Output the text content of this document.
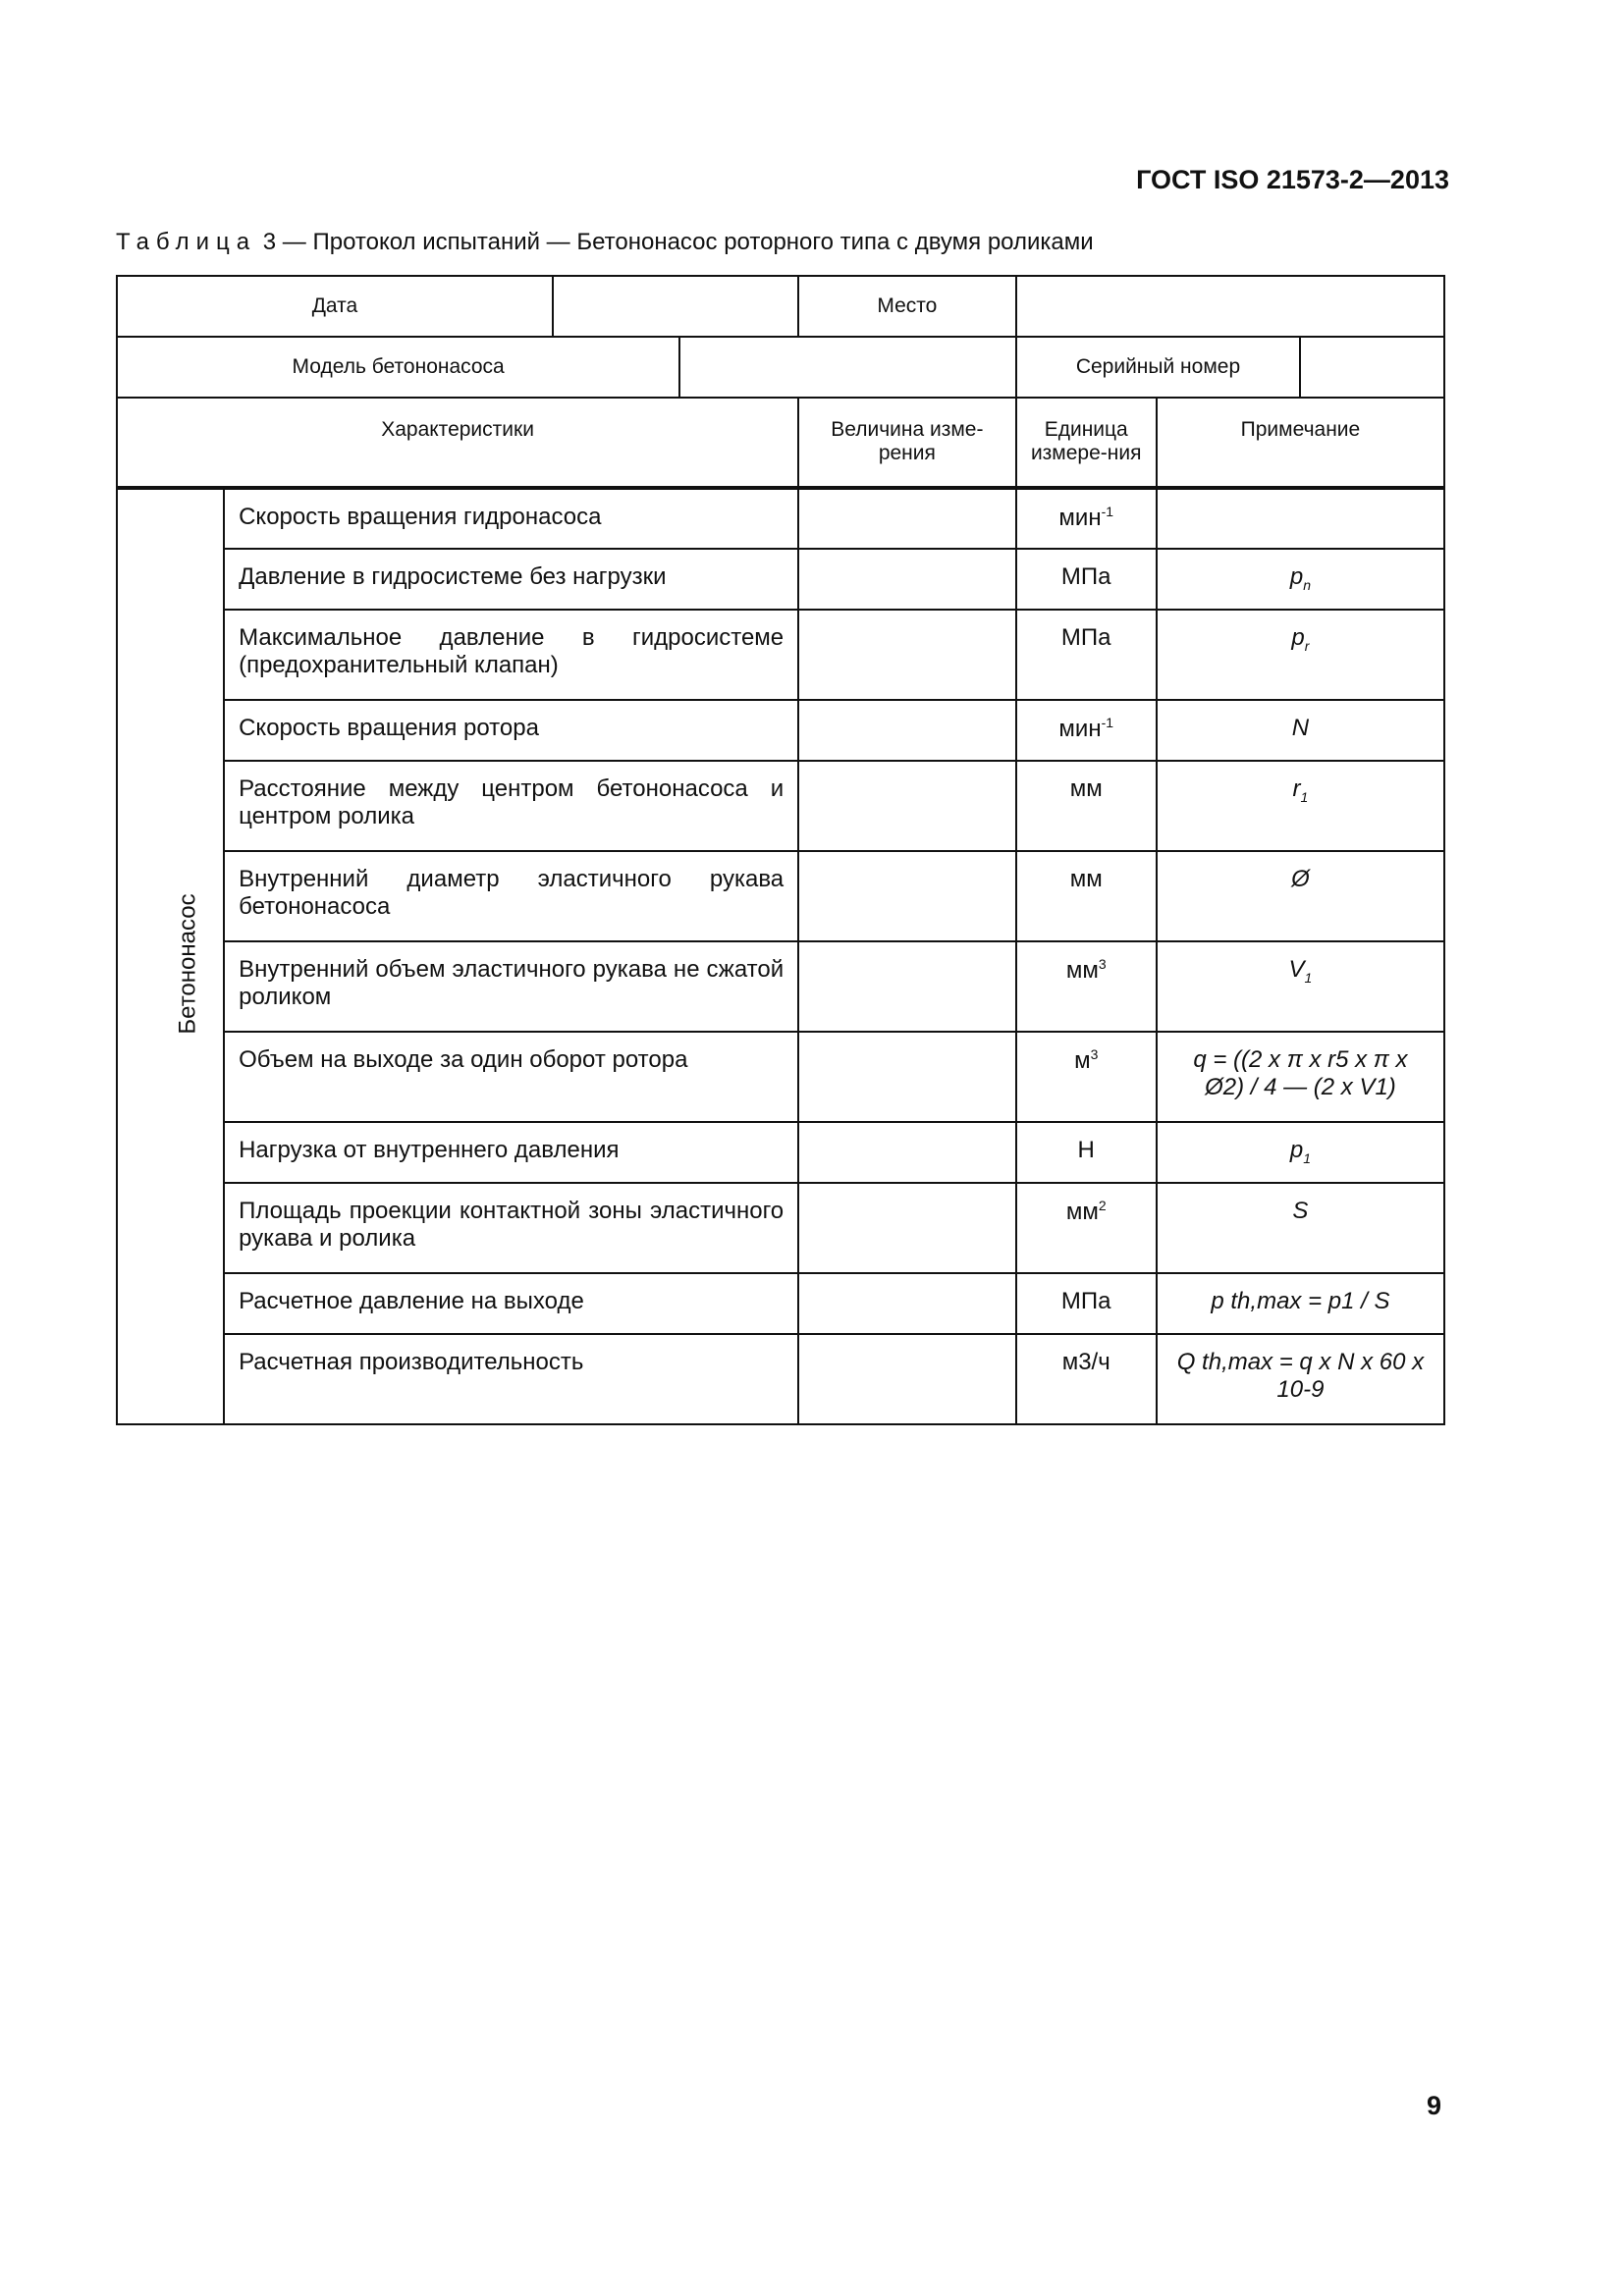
ГОСТ ISO 21573-2—2013
Таблица 3 — Протокол испытаний — Бетононасос роторного типа с двумя роликами
Дата				Место			
Модель бетононасоса					Серийный номер		
Характеристики				Величина изме-рения	Единица измере-ния	Примечание	
Бетононасос	Скорость вращения гидронасоса				мин$^{-1}$	
	Давление в гидросистеме без нагрузки				МПа	$p_n$
	Максимальное давление в гидросистеме (предохранительный клапан)				МПа	$p_r$
	Скорость вращения ротора				мин$^{-1}$	N	
	Расстояние между центром бетононасоса и центром ролика				мм	$r_1$
	Внутренний диаметр эластичного рукава бетононасоса				мм	Ø	
	Внутренний объем эластичного рукава не сжатой роликом				$мм^3$	$V_1$
	Объем на выходе за один оборот ротора				$м^3$	q = ((2 x π x r5 x π x Ø2) / 4 — (2 x V1)	
	Нагрузка от внутреннего давления				Н	$p_1$
	Площадь проекции контактной зоны эластичного рукава и ролика				$мм^2$	S	
	Расчетное давление на выходе				МПа	p th,max = p1 / S	
	Расчетная производительность				м3/ч	Q th,max = q x N x 60 x 10-9	
9
